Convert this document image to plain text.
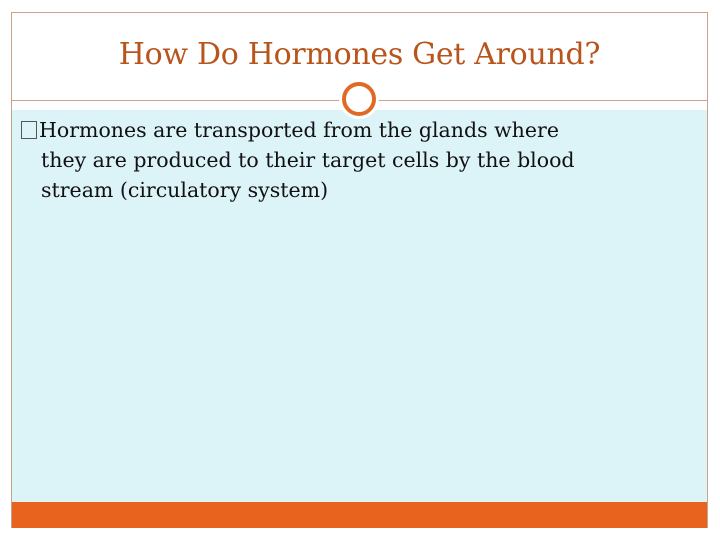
How Do Hormones Get Around?
Hormones are transported from the glands where
they are produced to their target cells by the blood
stream (circulatory system)
